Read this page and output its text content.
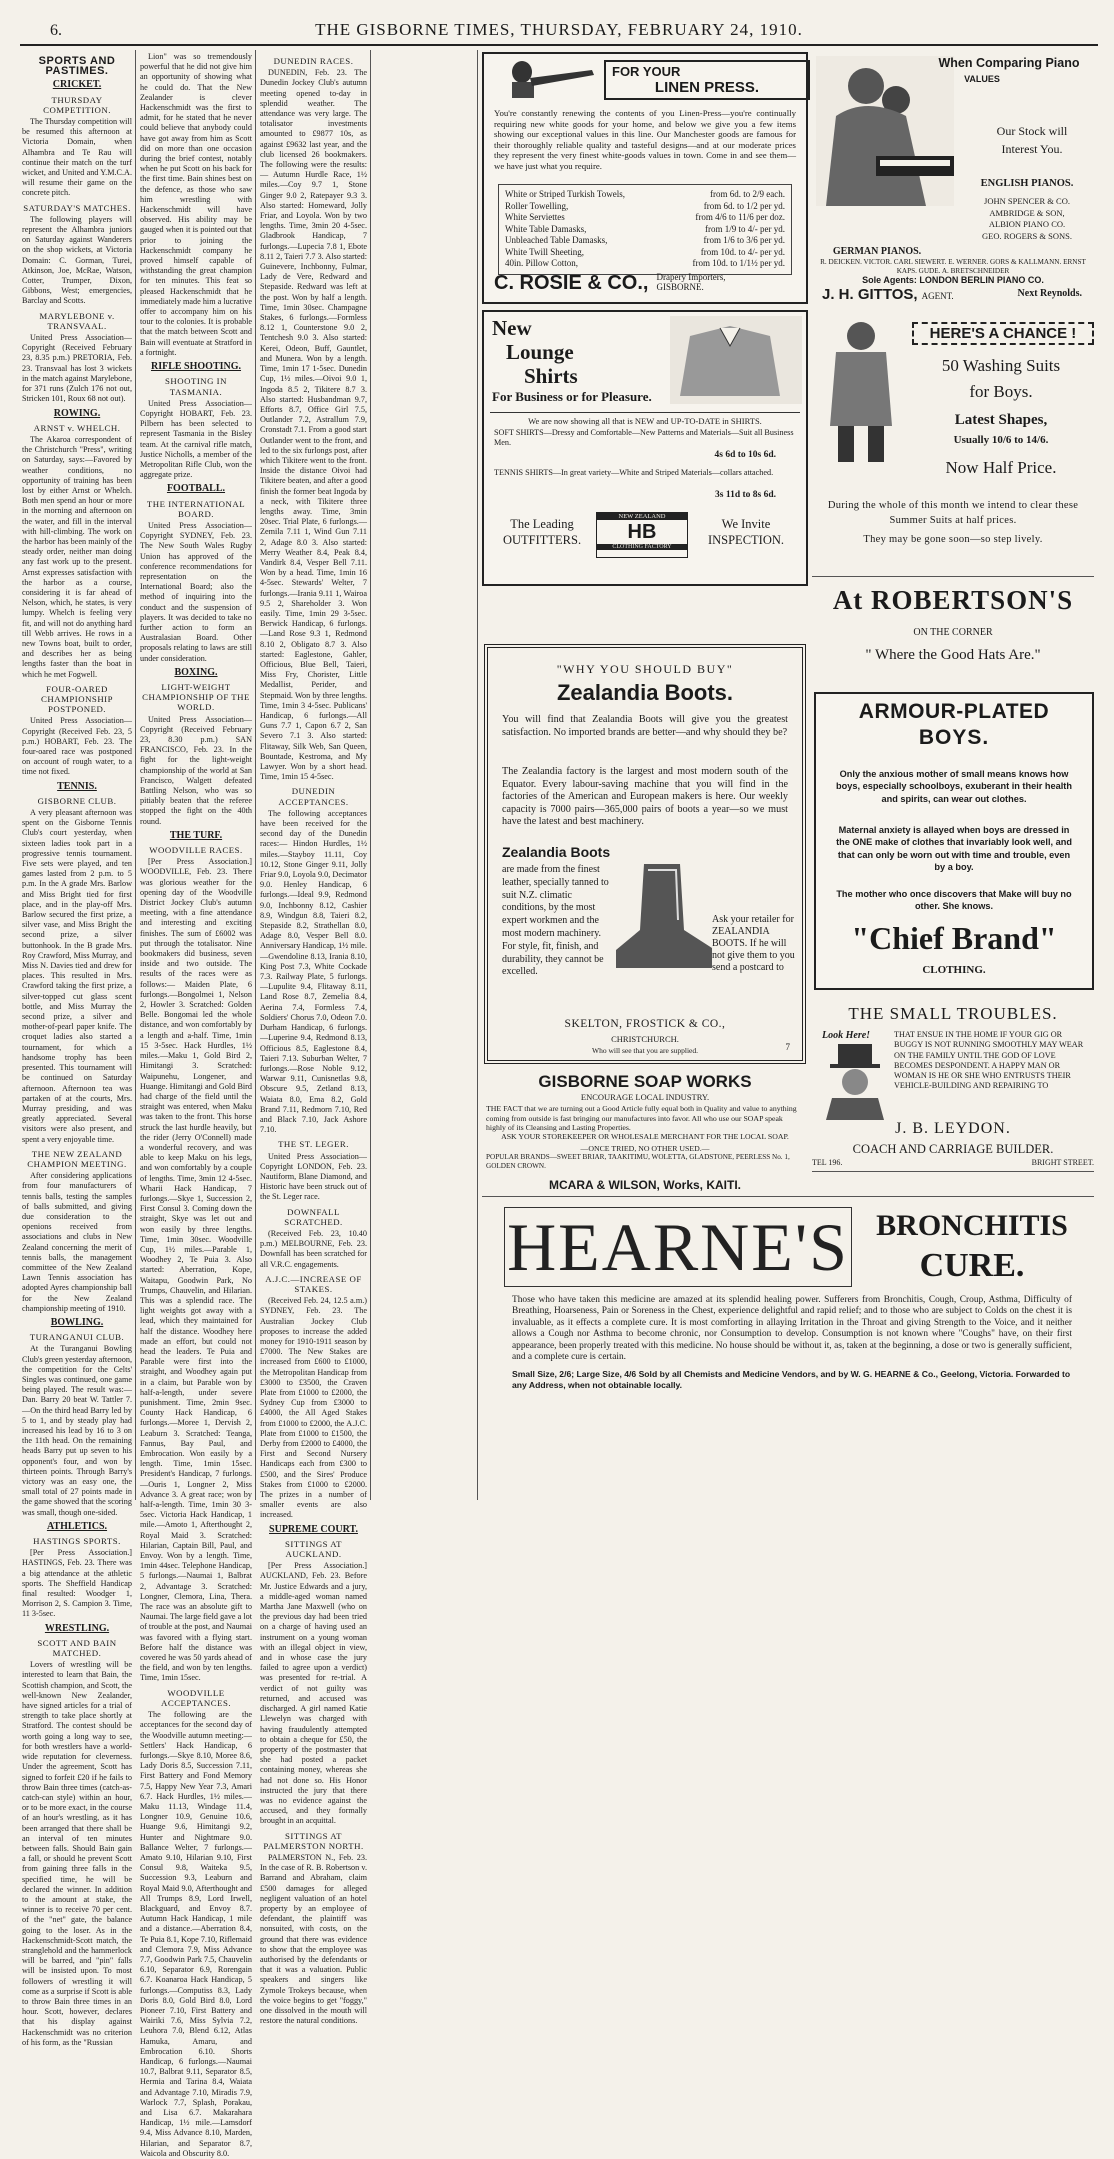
6.	THE GISBORNE TIMES, THURSDAY, FEBRUARY 24, 1910.
SPORTS AND PASTIMES.
CRICKET.
THURSDAY COMPETITION.

The Thursday competition will be resumed this afternoon at Victoria Domain, when Alhambra and Te Rau will continue their match on the turf wicket, and United and Y.M.C.A. will resume their game on the concrete pitch.

SATURDAY'S MATCHES.

The following players will represent the Alhambra juniors on Saturday against Wanderers on the shop wickets, at Victoria Domain: C. Gorman, Turei, Atkinson, Joe, McRae, Watson, Cotter, Trumper, Dixon, Gibbons, West; emergencies, Barclay and Scotts.

MARYLEBONE v. TRANSVAAL.

United Press Association—Copyright (Received February 23, 8.35 p.m.) PRETORIA, Feb. 23. Transvaal has lost 3 wickets in the match against Marylebone, for 371 runs (Zulch 176 not out, Stricken 101, Roux 68 not out).

ROWING.
ARNST v. WHELCH.

The Akaroa correspondent of the Christchurch "Press", writing on Saturday, says:—Favored by weather conditions, no opportunity of training has been lost by either Arnst or Whelch. Both men spend an hour or more in the morning and afternoon on the water, and fill in the interval with hill-climbing. The work on the harbor has been mainly of the steady order, neither man doing any fast work up to the present. Arnst expresses satisfaction with the harbor as a course, considering it is far ahead of Nelson, which, he states, is very lumpy. Whelch is feeling very fit, and will not do anything hard till Webb arrives. He rows in a new Towns boat, built to order, and describes her as being lengths faster than the boat in which he met Fogwell.

FOUR-OARED CHAMPIONSHIP POSTPONED.

United Press Association—Copyright (Received Feb. 23, 5 p.m.) HOBART, Feb. 23. The four-oared race was postponed on account of rough water, to a time not fixed.

TENNIS.
GISBORNE CLUB.

A very pleasant afternoon was spent on the Gisborne Tennis Club's court yesterday, when sixteen ladies took part in a progressive tennis tournament. Five sets were played, and ten games lasted from 2 p.m. to 5 p.m. In the A grade Mrs. Barlow and Miss Bright tied for first place, and in the play-off Mrs. Barlow secured the first prize, a silver vase, and Miss Bright the second prize, a silver buttonhook. In the B grade Mrs. Roy Crawford, Miss Murray, and Miss N. Davies tied and drew for places. This resulted in Mrs. Crawford taking the first prize, a silver-topped cut glass scent bottle, and Miss Murray the second prize, a silver and mother-of-pearl paper knife. The croquet ladies also started a tournament, for which a handsome trophy has been presented. This tournament will be continued on Saturday afternoon. Afternoon tea was partaken of at the courts, Mrs. Murray presiding, and was greatly appreciated. Several visitors were also present, and spent a very enjoyable time.

THE NEW ZEALAND CHAMPION MEETING.

After considering applications from four manufacturers of tennis balls, testing the samples of balls submitted, and giving due consideration to the openions received from associations and clubs in New Zealand concerning the merit of tennis balls, the management committee of the New Zealand Lawn Tennis association has adopted Ayres championship ball for the New Zealand championship meeting of 1910.

BOWLING.
TURANGANUI CLUB.

At the Turanganui Bowling Club's green yesterday afternoon, the competition for the Celts' Singles was continued, one game being played. The result was:—Dan. Barry 20 beat W. Tattler 7.—On the third head Barry led by 5 to 1, and by steady play had increased his lead by 16 to 3 on the 11th head. On the remaining heads Barry put up seven to his opponent's four, and won by thirteen points. Through Barry's victory was an easy one, the small total of 27 points made in the game showed that the scoring was small, though one-sided.

ATHLETICS.
HASTINGS SPORTS.

[Per Press Association.] HASTINGS, Feb. 23. There was a big attendance at the athletic sports. The Sheffield Handicap final resulted: Woodger 1, Morrison 2, S. Campion 3. Time, 11 3-5sec.

WRESTLING.
SCOTT AND BAIN MATCHED.

Lovers of wrestling will be interested to learn that Bain, the Scottish champion, and Scott, the well-known New Zealander, have signed articles for a trial of strength to take place shortly at Stratford. The contest should be worth going a long way to see, for both wrestlers have a world-wide reputation for cleverness. Under the agreement, Scott has signed to forfeit £20 if he fails to throw Bain three times (catch-as-catch-can style) within an hour, or to be more exact, in the course of an hour's wrestling, as it has been arranged that there shall be an interval of ten minutes between falls. Should Bain gain a fall, or should he prevent Scott from gaining three falls in the specified time, he will be declared the winner. In addition to the amount at stake, the winner is to receive 70 per cent. of the "net" gate, the balance going to the loser. As in the Hackenschmidt-Scott match, the stranglehold and the hammerlock will be barred, and "pin" falls will be insisted upon. To most followers of wrestling it will come as a surprise if Scott is able to throw Bain three times in an hour. Scott, however, declares that his display against Hackenschmidt was no criterion of his form, as the "Russian

Lion" was so tremendously powerful that he did not give him an opportunity of showing what he could do. That the New Zealander is clever Hackenschmidt was the first to admit, for he stated that he never could believe that anybody could have got away from him as Scott did on more than one occasion during the brief contest, notably when he put Scott on his back for the first time. Bain shines best on the defence, as those who saw him wrestling with Hackenschmidt will have observed. His ability may be gauged when it is pointed out that prior to joining the Hackenschmidt company he proved himself capable of withstanding the great champion for ten minutes. This feat so pleased Hackenschmidt that he immediately made him a lucrative offer to accompany him on his tour to the colonies. It is probable that the match between Scott and Bain will eventuate at Stratford in a fortnight.

RIFLE SHOOTING.
SHOOTING IN TASMANIA.

United Press Association—Copyright HOBART, Feb. 23. Pilbern has been selected to represent Tasmania in the Bisley team. At the carnival rifle match, Justice Nicholls, a member of the Metropolitan Rifle Club, won the aggregate prize.

FOOTBALL.
THE INTERNATIONAL BOARD.

United Press Association—Copyright SYDNEY, Feb. 23. The New South Wales Rugby Union has approved of the conference recommendations for representation on the International Board; also the method of inquiring into the conduct and the suspension of players. It was decided to take no further action to form an Australasian Board. Other proposals relating to laws are still under consideration.

BOXING.
LIGHT-WEIGHT CHAMPIONSHIP OF THE WORLD.

United Press Association—Copyright (Received February 23, 8.30 p.m.) SAN FRANCISCO, Feb. 23. In the fight for the light-weight championship of the world at San Francisco, Walgett defeated Battling Nelson, who was so pitiably beaten that the referee stopped the fight on the 40th round.

THE TURF.
WOODVILLE RACES.

[Per Press Association.] WOODVILLE, Feb. 23. There was glorious weather for the opening day of the Woodville District Jockey Club's autumn meeting, with a fine attendance and interesting and exciting finishes. The sum of £6002 was put through the totalisator. Nine bookmakers did business, seven inside and two outside. The results of the races were as follows:— Maiden Plate, 6 furlongs.—Bongolmei 1, Nelson 2, Howler 3. Scratched: Golden Belle. Bongomai led the whole distance, and won comfortably by a length and a-half. Time, 1min 15 3-5sec. Hack Hurdles, 1½ miles.—Maku 1, Gold Bird 2, Himitangi 3. Scratched: Waipunehu, Longener, and Huange. Himitangi and Gold Bird had charge of the field until the straight was entered, when Maku was taken to the front. This horse struck the last hurdle heavily, but the rider (Jerry O'Connell) made a wonderful recovery, and was able to keep Maku on his legs, and won comfortably by a couple of lengths. Time, 3min 12 4-5sec. Wharii Hack Handicap, 7 furlongs.—Skye 1, Succession 2, First Consul 3. Coming down the straight, Skye was let out and won easily by three lengths. Time, 1min 30sec. Woodville Cup, 1½ miles.—Parable 1, Woodhey 2, Te Puia 3. Also started: Aberration, Kope, Waitapu, Goodwin Park, No Trumps, Chauvelin, and Hilarian. This was a splendid race. The light weights got away with a lead, which they maintained for half the distance. Woodhey here made an effort, but could not head the leaders. Te Puia and Parable were first into the straight, and Woodhey again put in a claim, but Parable won by half-a-length, under severe punishment. Time, 2min 9sec. County Hack Handicap, 6 furlongs.—Moree 1, Dervish 2, Leaburn 3. Scratched: Teanga, Fannus, Bay Paul, and Embrocation. Won easily by a length. Time, 1min 15sec. President's Handicap, 7 furlongs.—Ouris 1, Longner 2, Miss Advance 3. A great race; won by half-a-length. Time, 1min 30 3-5sec. Victoria Hack Handicap, 1 mile.—Amoto 1, Afterthought 2, Royal Maid 3. Scratched: Hilarian, Captain Bill, Paul, and Envoy. Won by a length. Time, 1min 44sec. Telephone Handicap, 5 furlongs.—Naumai 1, Balbrat 2, Advantage 3. Scratched: Longner, Clemora, Lina, Thera. The race was an absolute gift to Naumai. The large field gave a lot of trouble at the post, and Naumai was favored with a flying start. Before half the distance was covered he was 50 yards ahead of the field, and won by ten lengths. Time, 1min 15sec.

WOODVILLE ACCEPTANCES.

The following are the acceptances for the second day of the Woodville autumn meeting:— Settlers' Hack Handicap, 6 furlongs.—Skye 8.10, Moree 8.6, Lady Doris 8.5, Succession 7.11, First Battery and Fond Memory 7.5, Happy New Year 7.3, Amari 6.7. Hack Hurdles, 1½ miles.—Maku 11.13, Windage 11.4, Longner 10.9, Genuine 10.6, Huange 9.6, Himitangi 9.2, Hunter and Nightmare 9.0. Ballance Welter, 7 furlongs.—Amato 9.10, Hilarian 9.10, First Consul 9.8, Waiteka 9.5, Succession 9.3, Leaburn and Royal Maid 9.0, Afterthought and All Trumps 8.9, Lord Irwell, Blackguard, and Envoy 8.7. Autumn Hack Handicap, 1 mile and a distance.—Aberration 8.4, Te Puia 8.1, Kope 7.10, Riflemaid and Clemora 7.9, Miss Advance 7.7, Goodwin Park 7.5, Chauvelin 6.10, Separator 6.9, Rorengain 6.7. Koanaroa Hack Handicap, 5 furlongs.—Computiss 8.3, Lady Doris 8.0, Gold Bird 8.0, Lord Pioneer 7.10, First Battery and Wairiki 7.6, Miss Sylvia 7.2, Leuhora 7.0, Blend 6.12, Atlas Hamuka, Amaru, and Embrocation 6.10. Shorts Handicap, 6 furlongs.—Naumai 10.7, Balbrat 9.11, Separator 8.5, Hermia and Tarina 8.4, Waiata and Advantage 7.10, Miradis 7.9, Warlock 7.7, Splash, Porakau, and Lisa 6.7. Makarahara Handicap, 1½ mile.—Lamsdorf 9.4, Miss Advance 8.10, Marden, Hilarian, and Separator 8.7, Waicola and Obscurity 8.0.

DUNEDIN RACES.

DUNEDIN, Feb. 23. The Dunedin Jockey Club's autumn meeting opened to-day in splendid weather. The attendance was very large. The totalisator investments amounted to £9877 10s, as against £9632 last year, and the club licensed 26 bookmakers. The following were the results:— Autumn Hurdle Race, 1½ miles.—Coy 9.7 1, Stone Ginger 9.0 2, Ratepayer 9.3 3. Also started: Homeward, Jolly Friar, and Loyola. Won by two lengths. Time, 3min 20 4-5sec. Gladbrook Handicap, 7 furlongs.—Lupecia 7.8 1, Ebote 8.11 2, Taieri 7.7 3. Also started: Guinevere, Inchbonny, Fulmar, Lady de Vere, Redward and Stepaside. Redward was left at the post. Won by half a length. Time, 1min 30sec. Champagne Stakes, 6 furlongs.—Formless 8.12 1, Counterstone 9.0 2, Tentchesh 9.0 3. Also started: Kerei, Odeon, Buff, Gauntlet, and Munera. Won by a length. Time, 1min 17 1-5sec. Dunedin Cup, 1½ miles.—Oivoi 9.0 1, Ingoda 8.5 2, Tikitere 8.7 3. Also started: Husbandman 9.7, Efforts 8.7, Office Girl 7.5, Outlander 7.2, Astrallum 7.9, Cronstadt 7.1. From a good start Outlander went to the front, and led to the six furlongs post, after which Tikitere went to the front. Inside the distance Oivoi had Tikitere beaten, and after a good finish the former beat Ingoda by a neck, with Tikitere three lengths away. Time, 3min 20sec. Trial Plate, 6 furlongs.—Zemila 7.11 1, Wind Gun 7.11 2, Adage 8.0 3. Also started: Merry Weather 8.4, Peak 8.4, Vandirk 8.4, Vesper Bell 7.11. Won by a head. Time, 1min 16 4-5sec. Stewards' Welter, 7 furlongs.—Irania 9.11 1, Wairoa 9.5 2, Shareholder 3. Won easily. Time, 1min 29 3-5sec. Berwick Handicap, 6 furlongs.—Land Rose 9.3 1, Redmond 8.10 2, Obligato 8.7 3. Also started: Eaglestone, Gahler, Officious, Blue Bell, Taieri, Miss Fry, Chorister, Little Medallist, Perider, and Stepmaid. Won by three lengths. Time, 1min 3 4-5sec. Publicans' Handicap, 6 furlongs.—All Guns 7.7 1, Capon 6.7 2, San Severo 7.1 3. Also started: Flitaway, Silk Web, San Queen, Bountade, Kestroma, and My Lawyer. Won by a short head. Time, 1min 15 4-5sec.

DUNEDIN ACCEPTANCES.

The following acceptances have been received for the second day of the Dunedin races:— Hindon Hurdles, 1½ miles.—Stayboy 11.11, Coy 10.12, Stone Ginger 9.11, Jolly Friar 9.0, Loyola 9.0, Decimator 9.0. Henley Handicap, 6 furlongs.—Ideal 9.9, Redmond 9.0, Inchbonny 8.12, Cashier 8.9, Windgun 8.8, Taieri 8.2, Stepaside 8.2, Strathellan 8.0, Adage 8.0, Vesper Bell 8.0. Anniversary Handicap, 1½ mile.—Gwendoline 8.13, Irania 8.10, King Post 7.3, White Cockade 7.3. Railway Plate, 5 furlongs.—Lupulite 9.4, Flitaway 8.11, Land Rose 8.7, Zemelia 8.4, Aerina 7.4, Formless 7.4, Soldiers' Chorus 7.0, Odeon 7.0. Durham Handicap, 6 furlongs.—Luperine 9.4, Redmond 8.13, Officious 8.5, Eaglestone 8.4, Taieri 7.13. Suburban Welter, 7 furlongs.—Rose Noble 9.12, Warwar 9.11, Cunisnetlas 9.8, Obscure 9.5, Zetland 8.13, Waiata 8.0, Ema 8.2, Gold Brand 7.11, Redmorn 7.10, Red and Black 7.10, Jack Ashore 7.10.

THE ST. LEGER.

United Press Association—Copyright LONDON, Feb. 23. Nautiform, Blane Diamond, and Historic have been struck out of the St. Leger race.

DOWNFALL SCRATCHED.

(Received Feb. 23, 10.40 p.m.) MELBOURNE, Feb. 23. Downfall has been scratched for all V.R.C. engagements.

A.J.C.—INCREASE OF STAKES.

(Received Feb. 24, 12.5 a.m.) SYDNEY, Feb. 23. The Australian Jockey Club proposes to increase the added money for 1910-1911 season by £7000. The New Stakes are increased from £600 to £1000, the Metropolitan Handicap from £3000 to £3500, the Craven Plate from £1000 to £2000, the Sydney Cup from £3000 to £4000, the All Aged Stakes from £1000 to £2000, the A.J.C. Plate from £1000 to £1500, the Derby from £2000 to £4000, the First and Second Nursery Handicaps each from £300 to £500, and the Sires' Produce Stakes from £1000 to £2000. The prizes in a number of smaller events are also increased.

SUPREME COURT.
SITTINGS AT AUCKLAND.

[Per Press Association.] AUCKLAND, Feb. 23. Before Mr. Justice Edwards and a jury, a middle-aged woman named Martha Jane Maxwell (who on the previous day had been tried on a charge of having used an instrument on a young woman with an illegal object in view, and in whose case the jury failed to agree upon a verdict) was presented for re-trial. A verdict of not guilty was returned, and accused was discharged. A girl named Katie Llewelyn was charged with having fraudulently attempted to obtain a cheque for £50, the property of the postmaster that she had posted a packet containing money, whereas she had not done so. His Honor instructed the jury that there was no evidence against the accused, and they formally brought in an acquittal.

SITTINGS AT PALMERSTON NORTH.

PALMERSTON N., Feb. 23. In the case of R. B. Robertson v. Barrand and Abraham, claim £500 damages for alleged negligent valuation of an hotel property by an employee of defendant, the plaintiff was nonsuited, with costs, on the ground that there was evidence to show that the employee was authorised by the defendants or that it was a valuation. Public speakers and singers like Zymole Trokeys because, when the voice begins to get "foggy," one dissolved in the mouth will restore the natural conditions.

FOR YOUR
LINEN PRESS.
You're constantly renewing the contents of you Linen-Press—you're continually requiring new white goods for your home, and below we give you a few items showing our exceptional values in this line. Our Manchester goods are famous for their thoroughly reliable quality and tasteful designs—and at our moderate prices they represent the very finest white-goods values in town. Come in and see them—we have just what you require.
White or Striped Turkish Towels,	from 6d. to 2/9 each.
Roller Towelling,	from 6d. to 1/2 per yd.
White Serviettes	from 4/6 to 11/6 per doz.
White Table Damasks,	from 1/9 to 4/- per yd.
Unbleached Table Damasks,	from 1/6 to 3/6 per yd.
White Twill Sheeting,	from 10d. to 4/- per yd.
40in. Pillow Cotton,	from 10d. to 1/1½ per yd.
C. ROSIE & CO., Drapery Importers,
GISBORNE.
When Comparing Piano
VALUES
Our Stock will
Interest You.
ENGLISH PIANOS.
JOHN SPENCER & CO.
AMBRIDGE & SON,
ALBION PIANO CO.
GEO. ROGERS & SONS.
GERMAN PIANOS.
R. DEICKEN. VICTOR. CARL SIEWERT. E. WERNER. GORS & KALLMANN. ERNST KAPS. GUDE. A. BRETSCHNEIDER
Sole Agents: LONDON BERLIN PIANO CO.
J. H. GITTOS, AGENT.	Next Reynolds.
New
Lounge
Shirts
For Business or for Pleasure.
We are now showing all that is NEW and UP-TO-DATE in SHIRTS.
SOFT SHIRTS—Dressy and Comfortable—New Patterns and Materials—Suit all Business Men.
4s 6d to 10s 6d.
TENNIS SHIRTS—In great variety—White and Striped Materials—collars attached.
3s 11d to 8s 6d.
The Leading
OUTFITTERS.
NEW ZEALAND
HB
CLOTHING FACTORY
We Invite
INSPECTION.
HERE'S A CHANCE !
50 Washing Suits
for Boys.
Latest Shapes,
Usually 10/6 to 14/6.
Now Half Price.
During the whole of this month we intend to clear these Summer Suits at half prices.
They may be gone soon—so step lively.
At ROBERTSON'S
ON THE CORNER
" Where the Good Hats Are."
"WHY YOU SHOULD BUY"
Zealandia Boots.
You will find that Zealandia Boots will give you the greatest satisfaction. No imported brands are better—and why should they be?
The Zealandia factory is the largest and most modern south of the Equator. Every labour-saving machine that you will find in the factories of the American and European makers is here. Our weekly capacity is 7000 pairs—365,000 pairs of boots a year—so we must have the latest and best machinery.
Zealandia Boots
are made from the finest leather, specially tanned to suit N.Z. climatic conditions, by the most expert workmen and the most modern machinery. For style, fit, finish, and durability, they cannot be excelled.
Ask your retailer for ZEALANDIA BOOTS. If he will not give them to you send a postcard to
SKELTON, FROSTICK & CO.,
CHRISTCHURCH.
Who will see that you are supplied.	7
ARMOUR-PLATED
BOYS.
Only the anxious mother of small means knows how boys, especially schoolboys, exuberant in their health and spirits, can wear out clothes.
Maternal anxiety is allayed when boys are dressed in the ONE make of clothes that invariably look well, and that can only be worn out with time and trouble, even by a boy.
The mother who once discovers that Make will buy no other. She knows.
"Chief Brand"
CLOTHING.
THE SMALL TROUBLES.
Look Here!	THAT ENSUE IN THE HOME IF YOUR GIG OR BUGGY IS NOT RUNNING SMOOTHLY MAY WEAR ON THE FAMILY UNTIL THE GOD OF LOVE BECOMES DESPONDENT. A HAPPY MAN OR WOMAN IS HE OR SHE WHO ENTRUSTS THEIR VEHICLE-BUILDING AND REPAIRING TO
J. B. LEYDON.
COACH AND CARRIAGE BUILDER.
TEL 196.	BRIGHT STREET.
GISBORNE SOAP WORKS
ENCOURAGE LOCAL INDUSTRY.
THE FACT that we are turning out a Good Article fully equal both in Quality and value to anything coming from outside is fast bringing our manufactures into favor. All who use our SOAP speak highly of its Cleansing and Lasting Properties.
ASK YOUR STOREKEEPER OR WHOLESALE MERCHANT FOR THE LOCAL SOAP.
—ONCE TRIED, NO OTHER USED.—
POPULAR BRANDS—SWEET BRIAR, TAAKITIMU, WOLETTA, GLADSTONE, PEERLESS No. 1, GOLDEN CROWN.
MCARA & WILSON, Works, KAITI.
HEARNE'S BRONCHITIS
CURE.
Those who have taken this medicine are amazed at its splendid healing power. Sufferers from Bronchitis, Cough, Croup, Asthma, Difficulty of Breathing, Hoarseness, Pain or Soreness in the Chest, experience delightful and rapid relief; and to those who are subject to Colds on the chest it is invaluable, as it effects a complete cure. It is most comforting in allaying Irritation in the Throat and giving Strength to the Voice, and it neither allows a Cough nor Asthma to become chronic, nor Consumption to develop. Consumption is not known where "Coughs" have, on their first appearance, been properly treated with this medicine. No house should be without it, as, taken at the beginning, a dose or two is generally sufficient, and a complete cure is certain.
Small Size, 2/6; Large Size, 4/6 Sold by all Chemists and Medicine Vendors, and by W. G. HEARNE & Co., Geelong, Victoria. Forwarded to any Address, when not obtainable locally.
